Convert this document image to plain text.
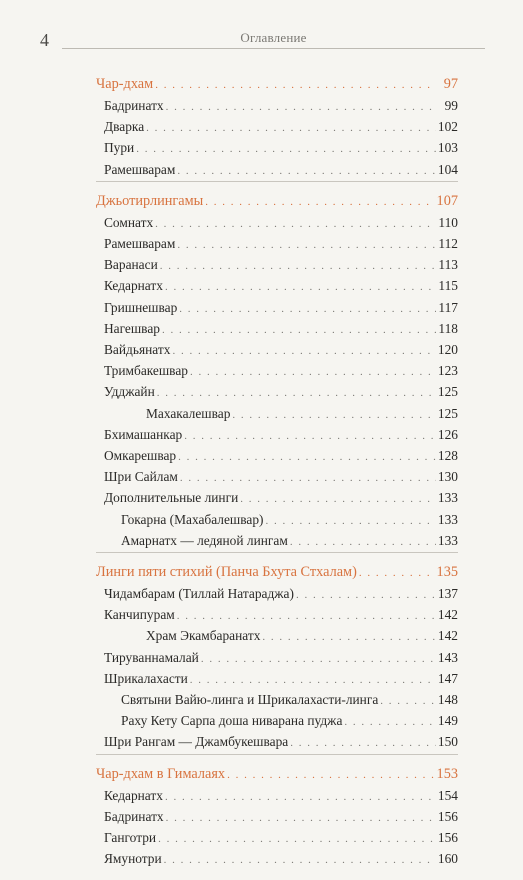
4	Оглавление
Чар-дхам . . .	97
Бадринатх . . .	99
Дварка . . .	102
Пури . . .	103
Рамешварам . . .	104
Джьотирлингамы . . .	107
Сомнатх . . .	110
Рамешварам . . .	112
Варанаси . . .	113
Кедарнатх . . .	115
Гришнешвар . . .	117
Нагешвар . . .	118
Вайдьянатх . . .	120
Тримбакешвар . . .	123
Удджайн . . .	125
Махакалешвар . . .	125
Бхимашанкар . . .	126
Омкарешвар . . .	128
Шри Сайлам . . .	130
Дополнительные линги . . .	133
Гокарна (Махабалешвар) . . .	133
Амарнатх — ледяной лингам . . .	133
Линги пяти стихий (Панча Бхута Стхалам) . . .	135
Чидамбарам (Тиллай Натараджа) . . .	137
Канчипурам . . .	142
Храм Экамбаранатх . . .	142
Тируваннамалай . . .	143
Шрикалахасти . . .	147
Святыни Вайю-линга и Шрикалахасти-линга . . .	148
Раху Кету Сарпа доша ниварана пуджа . . .	149
Шри Рангам — Джамбукешвара . . .	150
Чар-дхам в Гималаях . . .	153
Кедарнатх . . .	154
Бадринатх . . .	156
Ганготри . . .	156
Ямунотри . . .	160
